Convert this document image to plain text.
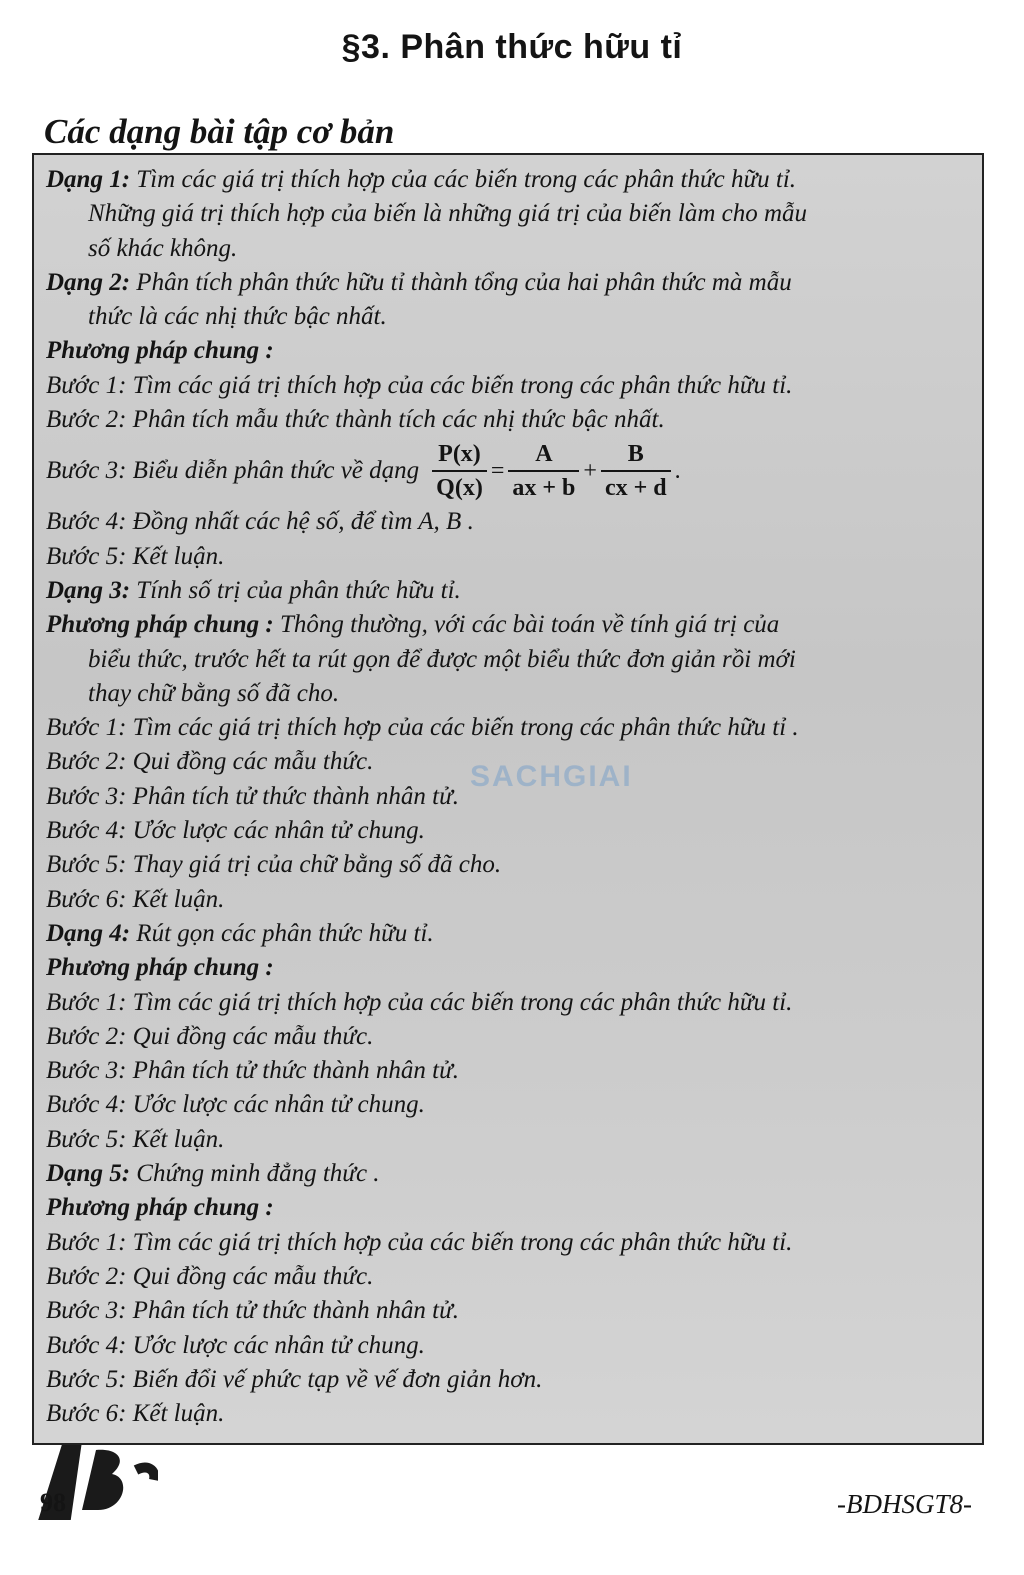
§3. Phân thức hữu tỉ
Các dạng bài tập cơ bản
Dạng 1: Tìm các giá trị thích hợp của các biến trong các phân thức hữu tỉ.
Những giá trị thích hợp của biến là những giá trị của biến làm cho mẫu
số khác không.
Dạng 2: Phân tích phân thức hữu tỉ thành tổng của hai phân thức mà mẫu
thức là các nhị thức bậc nhất.
Phương pháp chung :
Bước 1: Tìm các giá trị thích hợp của các biến trong các phân thức hữu tỉ.
Bước 2: Phân tích mẫu thức thành tích các nhị thức bậc nhất.
Bước 3: Biểu diễn phân thức về dạng $\frac{P(x)}{Q(x)} = \frac{A}{ax + b} + \frac{B}{cx + d}$ .
Bước 4: Đồng nhất các hệ số, để tìm A, B .
Bước 5: Kết luận.
Dạng 3: Tính số trị của phân thức hữu tỉ.
Phương pháp chung : Thông thường, với các bài toán về tính giá trị của
biểu thức, trước hết ta rút gọn để được một biểu thức đơn giản rồi mới
thay chữ bằng số đã cho.
Bước 1: Tìm các giá trị thích hợp của các biến trong các phân thức hữu tỉ .
Bước 2: Qui đồng các mẫu thức.
Bước 3: Phân tích tử thức thành nhân tử.
Bước 4: Ước lược các nhân tử chung.
Bước 5: Thay giá trị của chữ bằng số đã cho.
Bước 6: Kết luận.
Dạng 4: Rút gọn các phân thức hữu tỉ.
Phương pháp chung :
Bước 1: Tìm các giá trị thích hợp của các biến trong các phân thức hữu tỉ.
Bước 2: Qui đồng các mẫu thức.
Bước 3: Phân tích tử thức thành nhân tử.
Bước 4: Ước lược các nhân tử chung.
Bước 5: Kết luận.
Dạng 5: Chứng minh đẳng thức .
Phương pháp chung :
Bước 1: Tìm các giá trị thích hợp của các biến trong các phân thức hữu tỉ.
Bước 2: Qui đồng các mẫu thức.
Bước 3: Phân tích tử thức thành nhân tử.
Bước 4: Ước lược các nhân tử chung.
Bước 5: Biến đổi vế phức tạp về vế đơn giản hơn.
Bước 6: Kết luận.
SACHGIAI
98	-BDHSGT8-
